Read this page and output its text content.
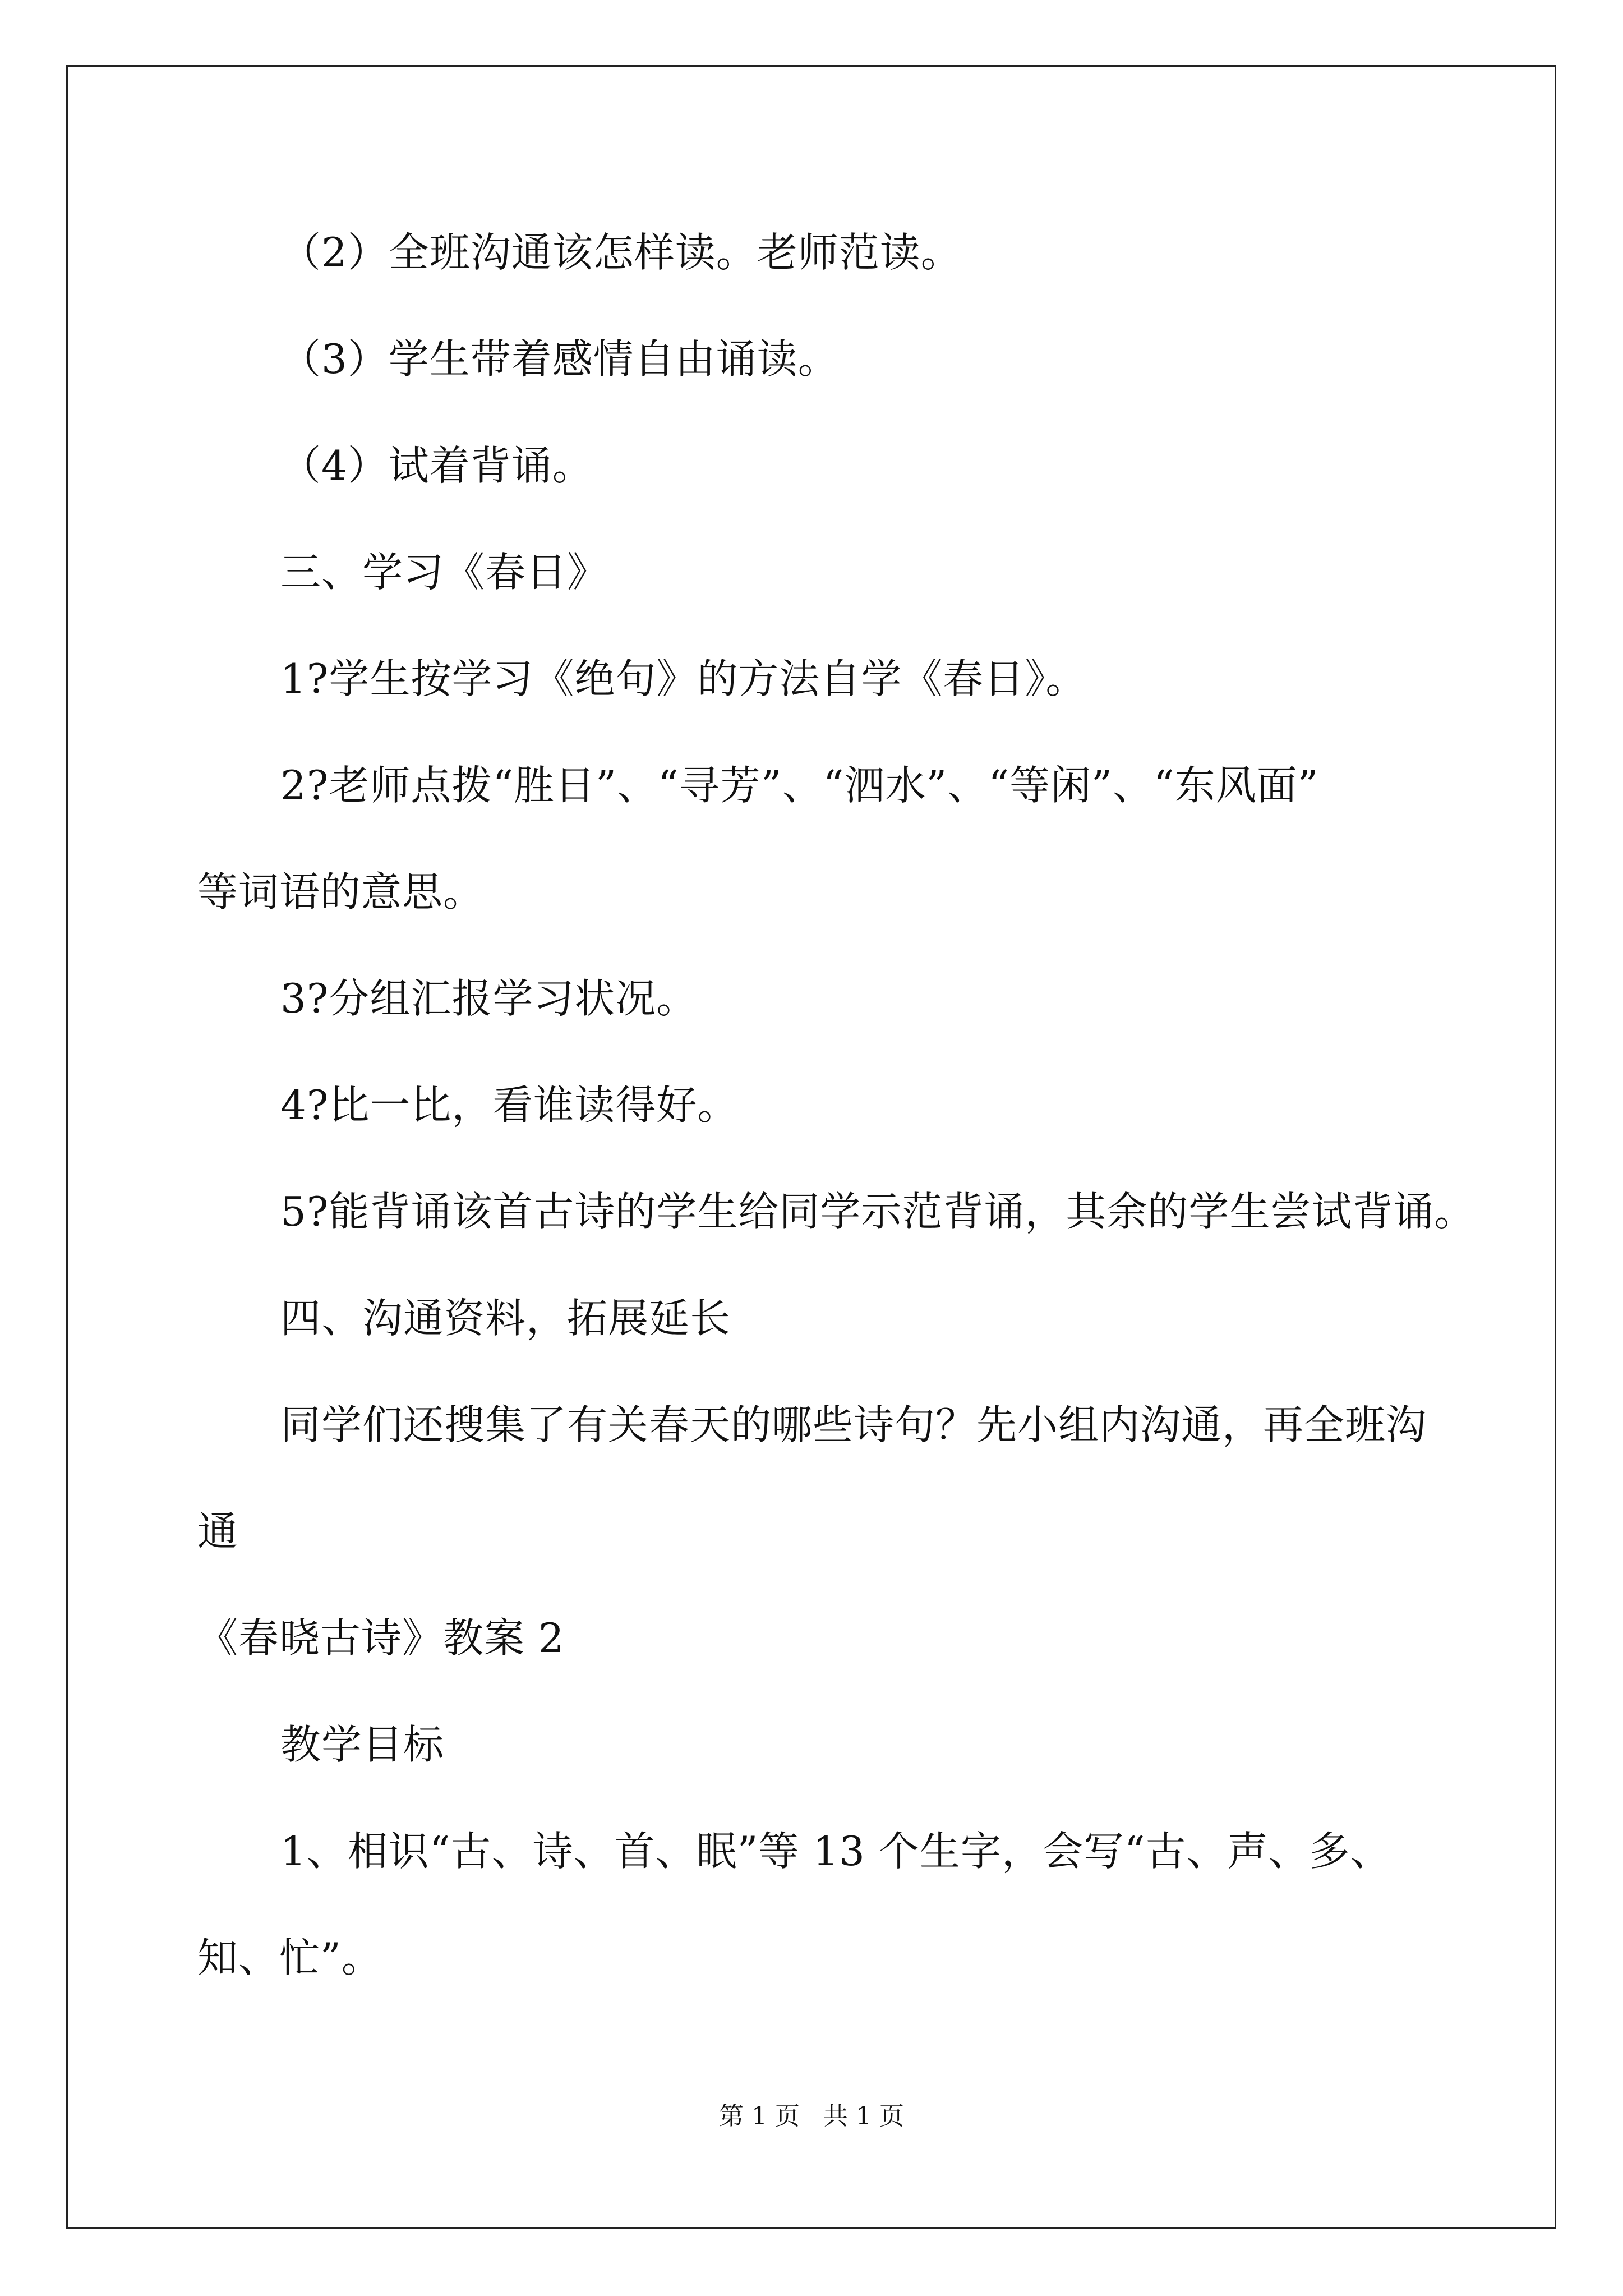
（2）全班沟通该怎样读。老师范读。

（3）学生带着感情自由诵读。

（4）试着背诵。

三、学习《春日》

1?学生按学习《绝句》的方法自学《春日》。

2?老师点拨“胜日”、“寻芳”、“泗水”、“等闲”、“东风面”

等词语的意思。

3?分组汇报学习状况。

4?比一比，看谁读得好。

5?能背诵该首古诗的学生给同学示范背诵，其余的学生尝试背诵。

四、沟通资料，拓展延长

同学们还搜集了有关春天的哪些诗句？先小组内沟通，再全班沟

通

《春晓古诗》教案 2

教学目标

1、相识“古、诗、首、眠”等 13 个生字，会写“古、声、多、

知、忙”。

第 1 页   共 1 页
